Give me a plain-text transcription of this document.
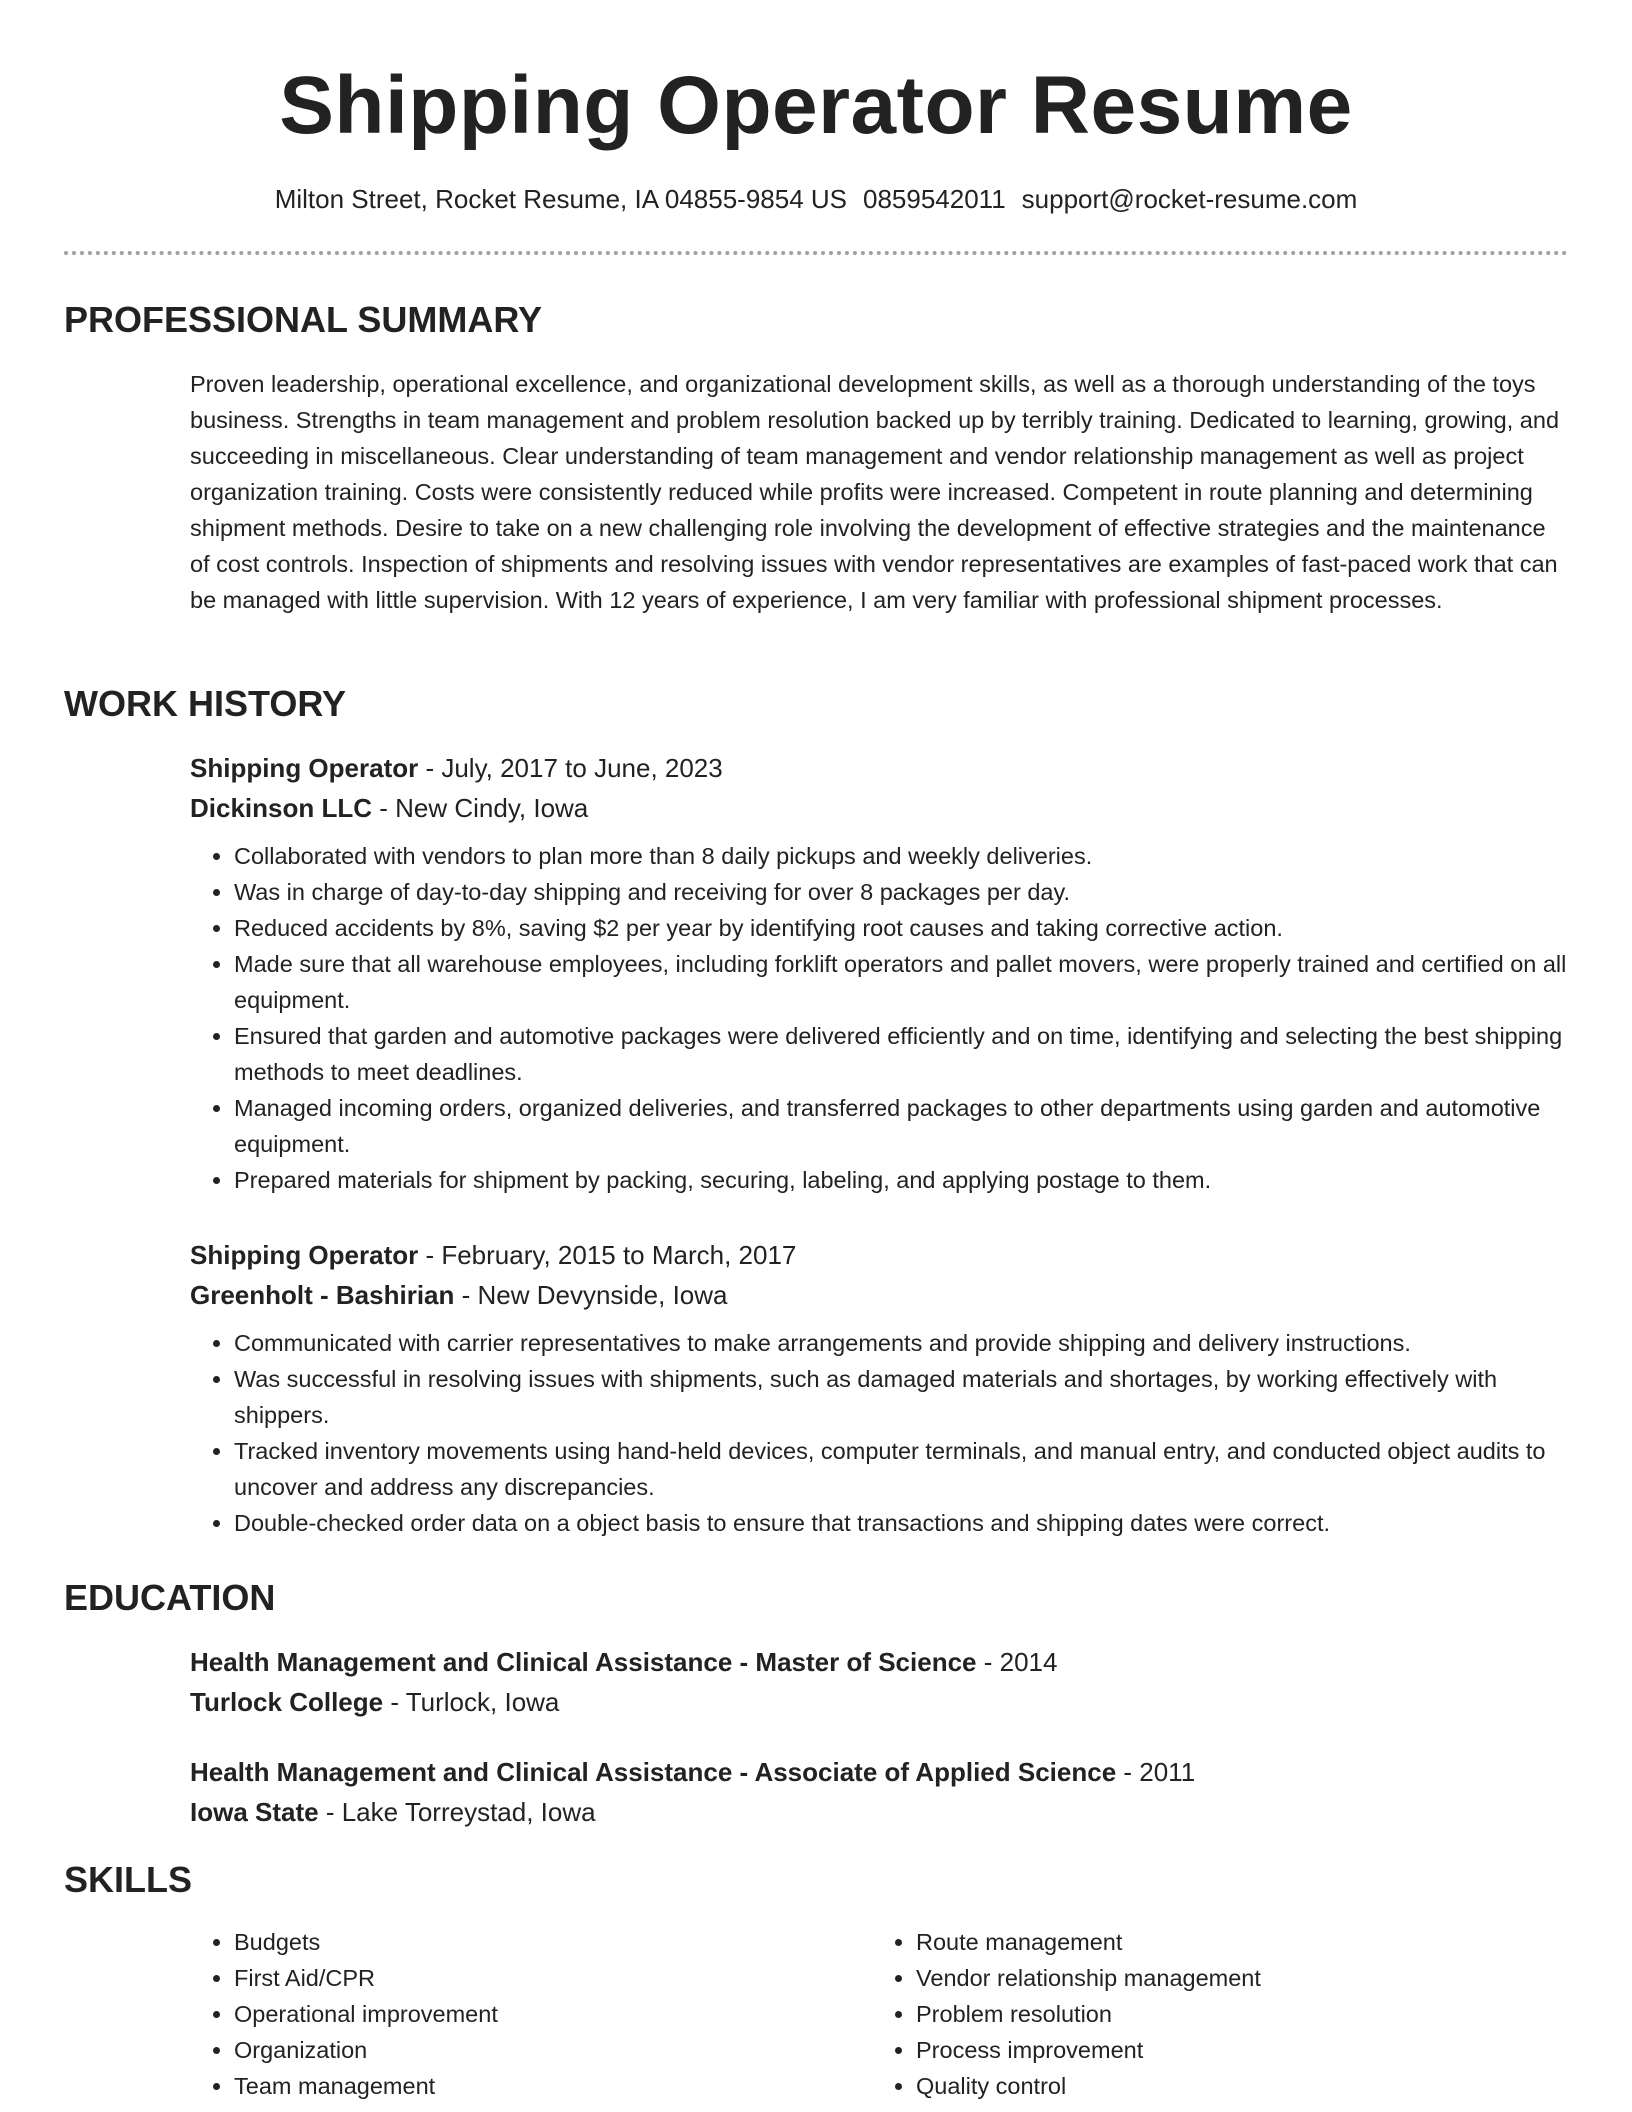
Shipping Operator Resume
Milton Street, Rocket Resume, IA 04855-9854 US 0859542011 support@rocket-resume.com
PROFESSIONAL SUMMARY
Proven leadership, operational excellence, and organizational development skills, as well as a thorough understanding of the toys business. Strengths in team management and problem resolution backed up by terribly training. Dedicated to learning, growing, and succeeding in miscellaneous. Clear understanding of team management and vendor relationship management as well as project organization training. Costs were consistently reduced while profits were increased. Competent in route planning and determining shipment methods. Desire to take on a new challenging role involving the development of effective strategies and the maintenance of cost controls. Inspection of shipments and resolving issues with vendor representatives are examples of fast-paced work that can be managed with little supervision. With 12 years of experience, I am very familiar with professional shipment processes.
WORK HISTORY
Shipping Operator - July, 2017 to June, 2023
Dickinson LLC - New Cindy, Iowa
• Collaborated with vendors to plan more than 8 daily pickups and weekly deliveries.
• Was in charge of day-to-day shipping and receiving for over 8 packages per day.
• Reduced accidents by 8%, saving $2 per year by identifying root causes and taking corrective action.
• Made sure that all warehouse employees, including forklift operators and pallet movers, were properly trained and certified on all equipment.
• Ensured that garden and automotive packages were delivered efficiently and on time, identifying and selecting the best shipping methods to meet deadlines.
• Managed incoming orders, organized deliveries, and transferred packages to other departments using garden and automotive equipment.
• Prepared materials for shipment by packing, securing, labeling, and applying postage to them.
Shipping Operator - February, 2015 to March, 2017
Greenholt - Bashirian - New Devynside, Iowa
• Communicated with carrier representatives to make arrangements and provide shipping and delivery instructions.
• Was successful in resolving issues with shipments, such as damaged materials and shortages, by working effectively with shippers.
• Tracked inventory movements using hand-held devices, computer terminals, and manual entry, and conducted object audits to uncover and address any discrepancies.
• Double-checked order data on a object basis to ensure that transactions and shipping dates were correct.
EDUCATION
Health Management and Clinical Assistance - Master of Science - 2014
Turlock College - Turlock, Iowa
Health Management and Clinical Assistance - Associate of Applied Science - 2011
Iowa State - Lake Torreystad, Iowa
SKILLS
• Budgets
• First Aid/CPR
• Operational improvement
• Organization
• Team management
• Route management
• Vendor relationship management
• Problem resolution
• Process improvement
• Quality control
